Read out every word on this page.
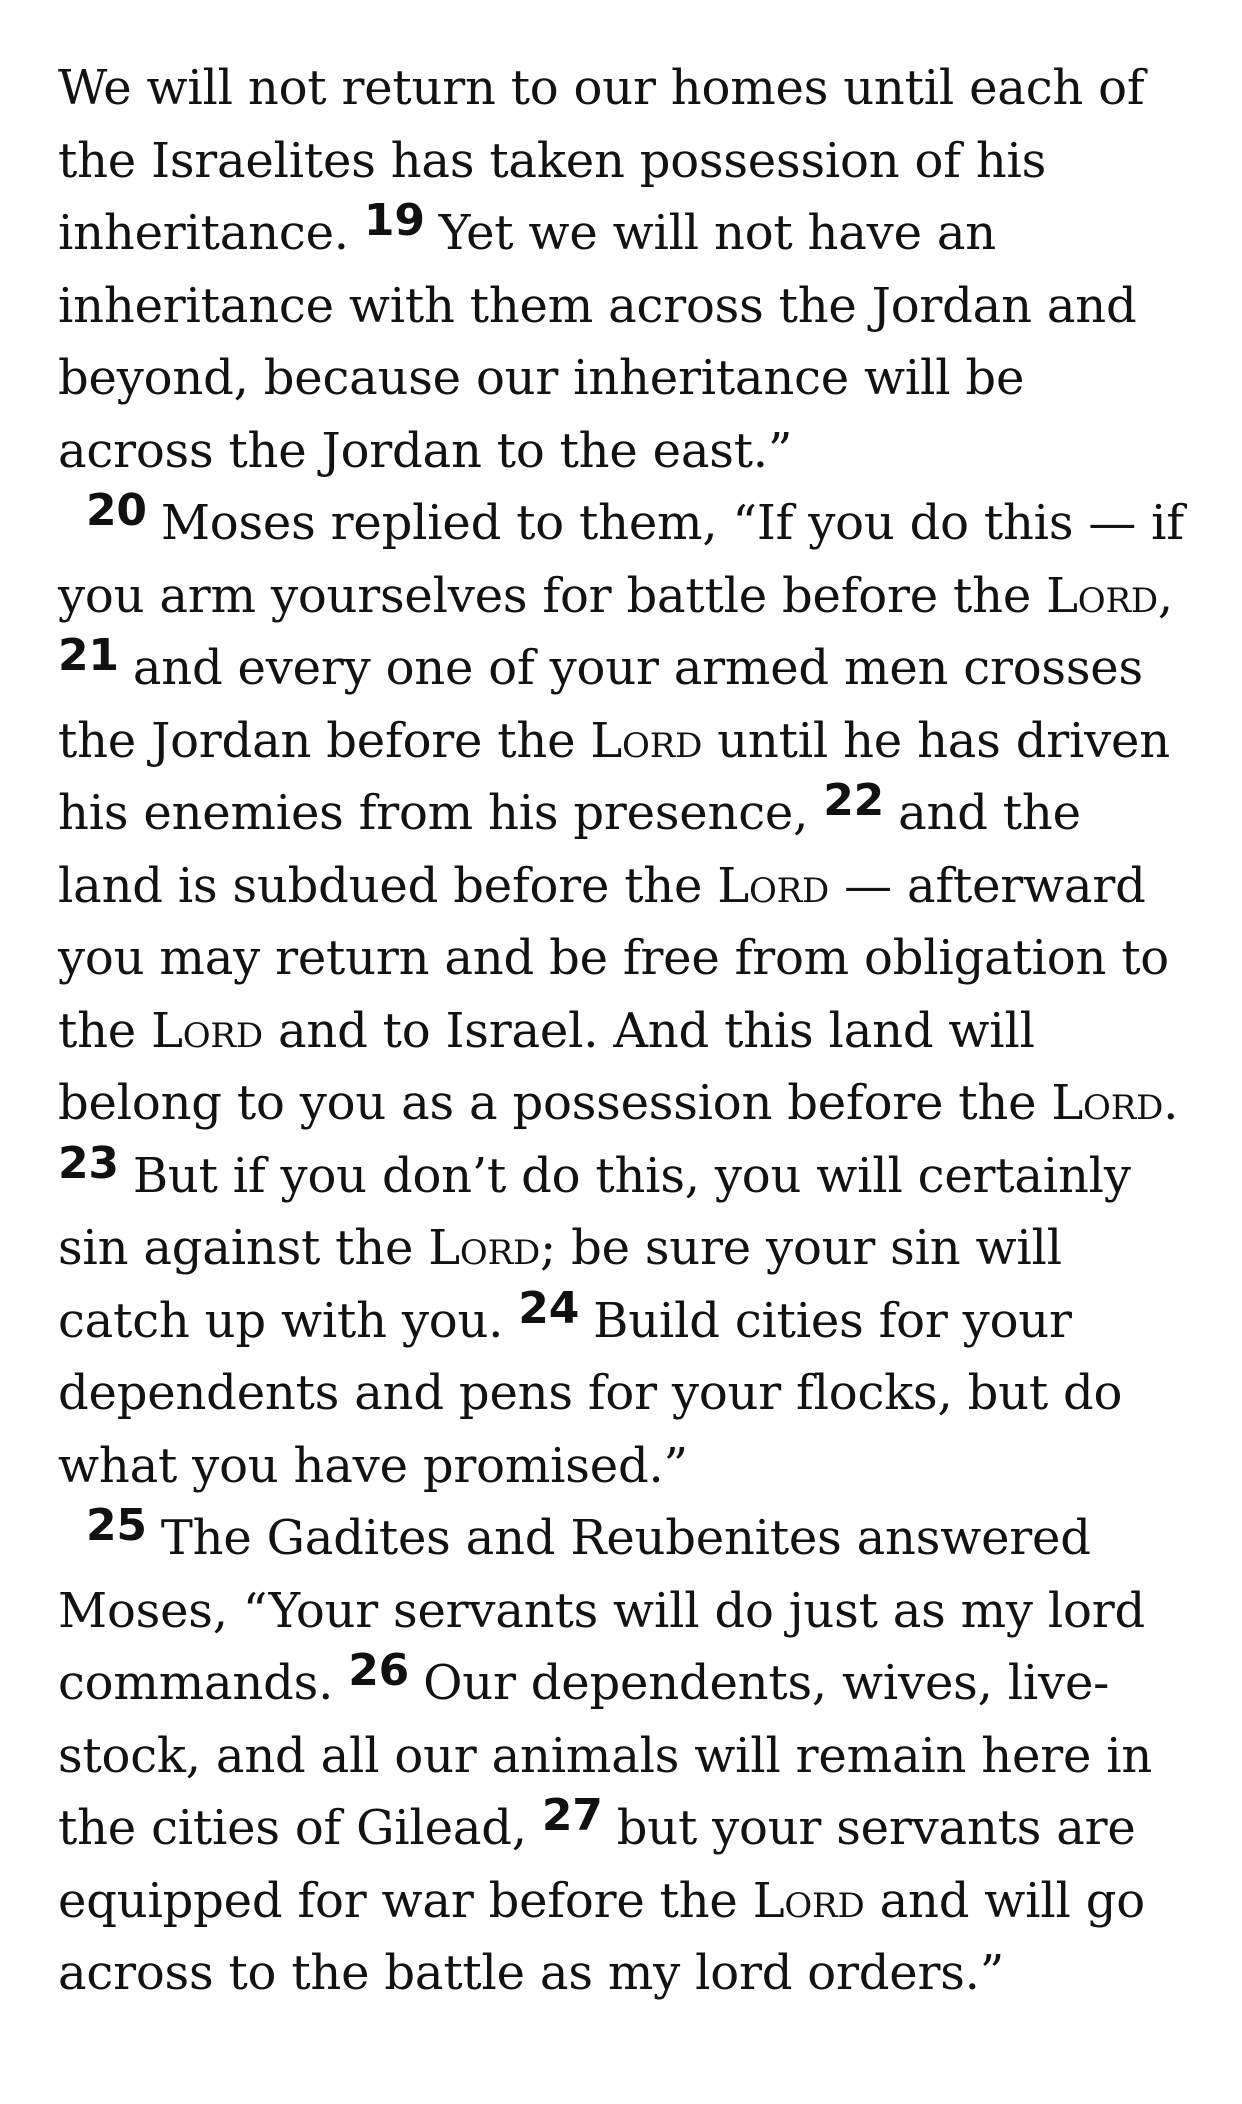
We will not return to our homes until each of the Israelites has taken possession of his inheritance. 19 Yet we will not have an inheritance with them across the Jordan and beyond, because our inheritance will be across the Jordan to the east.”

20 Moses replied to them, “If you do this — if you arm yourselves for battle before the Lord, 21 and every one of your armed men crosses the Jordan before the Lord until he has driven his enemies from his presence, 22 and the land is subdued before the Lord — afterward you may return and be free from obligation to the Lord and to Israel. And this land will belong to you as a possession before the Lord. 23 But if you don’t do this, you will certainly sin against the Lord; be sure your sin will catch up with you. 24 Build cities for your dependents and pens for your flocks, but do what you have promised.”

25 The Gadites and Reubenites answered Moses, “Your servants will do just as my lord commands. 26 Our dependents, wives, livestock, and all our animals will remain here in the cities of Gilead, 27 but your servants are equipped for war before the Lord and will go across to the battle as my lord orders.”
